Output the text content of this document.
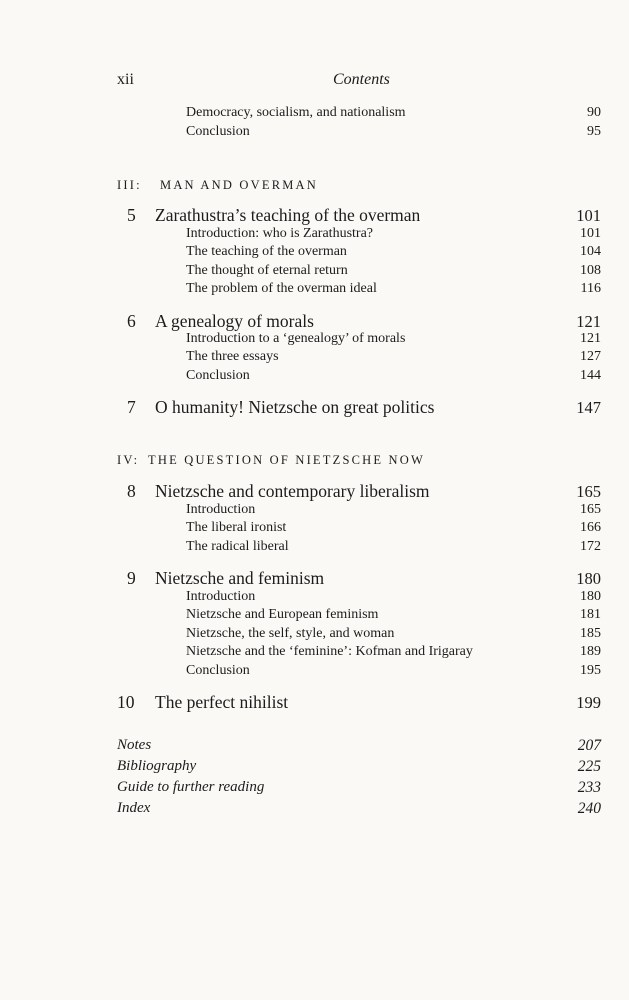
xii	Contents
Democracy, socialism, and nationalism	90
Conclusion	95
III: MAN AND OVERMAN
5 Zarathustra’s teaching of the overman	101
Introduction: who is Zarathustra?	101
The teaching of the overman	104
The thought of eternal return	108
The problem of the overman ideal	116
6 A genealogy of morals	121
Introduction to a ‘genealogy’ of morals	121
The three essays	127
Conclusion	144
7 O humanity! Nietzsche on great politics	147
IV: THE QUESTION OF NIETZSCHE NOW
8 Nietzsche and contemporary liberalism	165
Introduction	165
The liberal ironist	166
The radical liberal	172
9 Nietzsche and feminism	180
Introduction	180
Nietzsche and European feminism	181
Nietzsche, the self, style, and woman	185
Nietzsche and the ‘feminine’: Kofman and Irigaray	189
Conclusion	195
10 The perfect nihilist	199
Notes	207
Bibliography	225
Guide to further reading	233
Index	240
